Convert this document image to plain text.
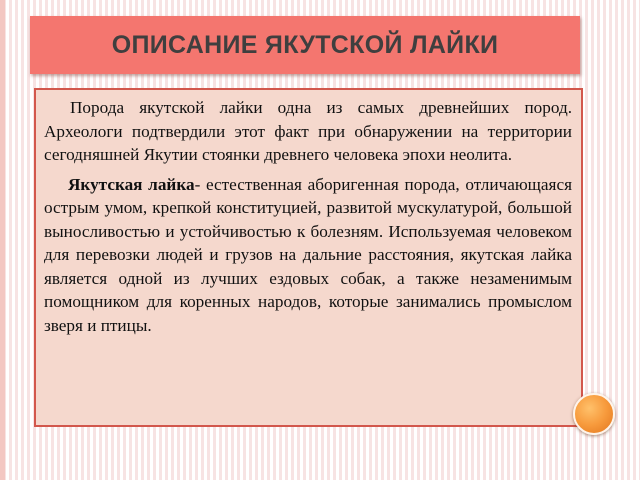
ОПИСАНИЕ ЯКУТСКОЙ ЛАЙКИ

Порода якутской лайки одна из самых древнейших пород. Археологи подтвердили этот факт при обнаружении на территории сегодняшней Якутии стоянки древнего человека эпохи неолита.

Якутская лайка- естественная аборигенная порода, отличающаяся острым умом, крепкой конституцией, развитой мускулатурой, большой выносливостью и устойчивостью к болезням. Используемая человеком для перевозки людей и грузов на дальние расстояния, якутская лайка является одной из лучших ездовых собак, а также незаменимым помощником для коренных народов, которые занимались промыслом зверя и птицы.
